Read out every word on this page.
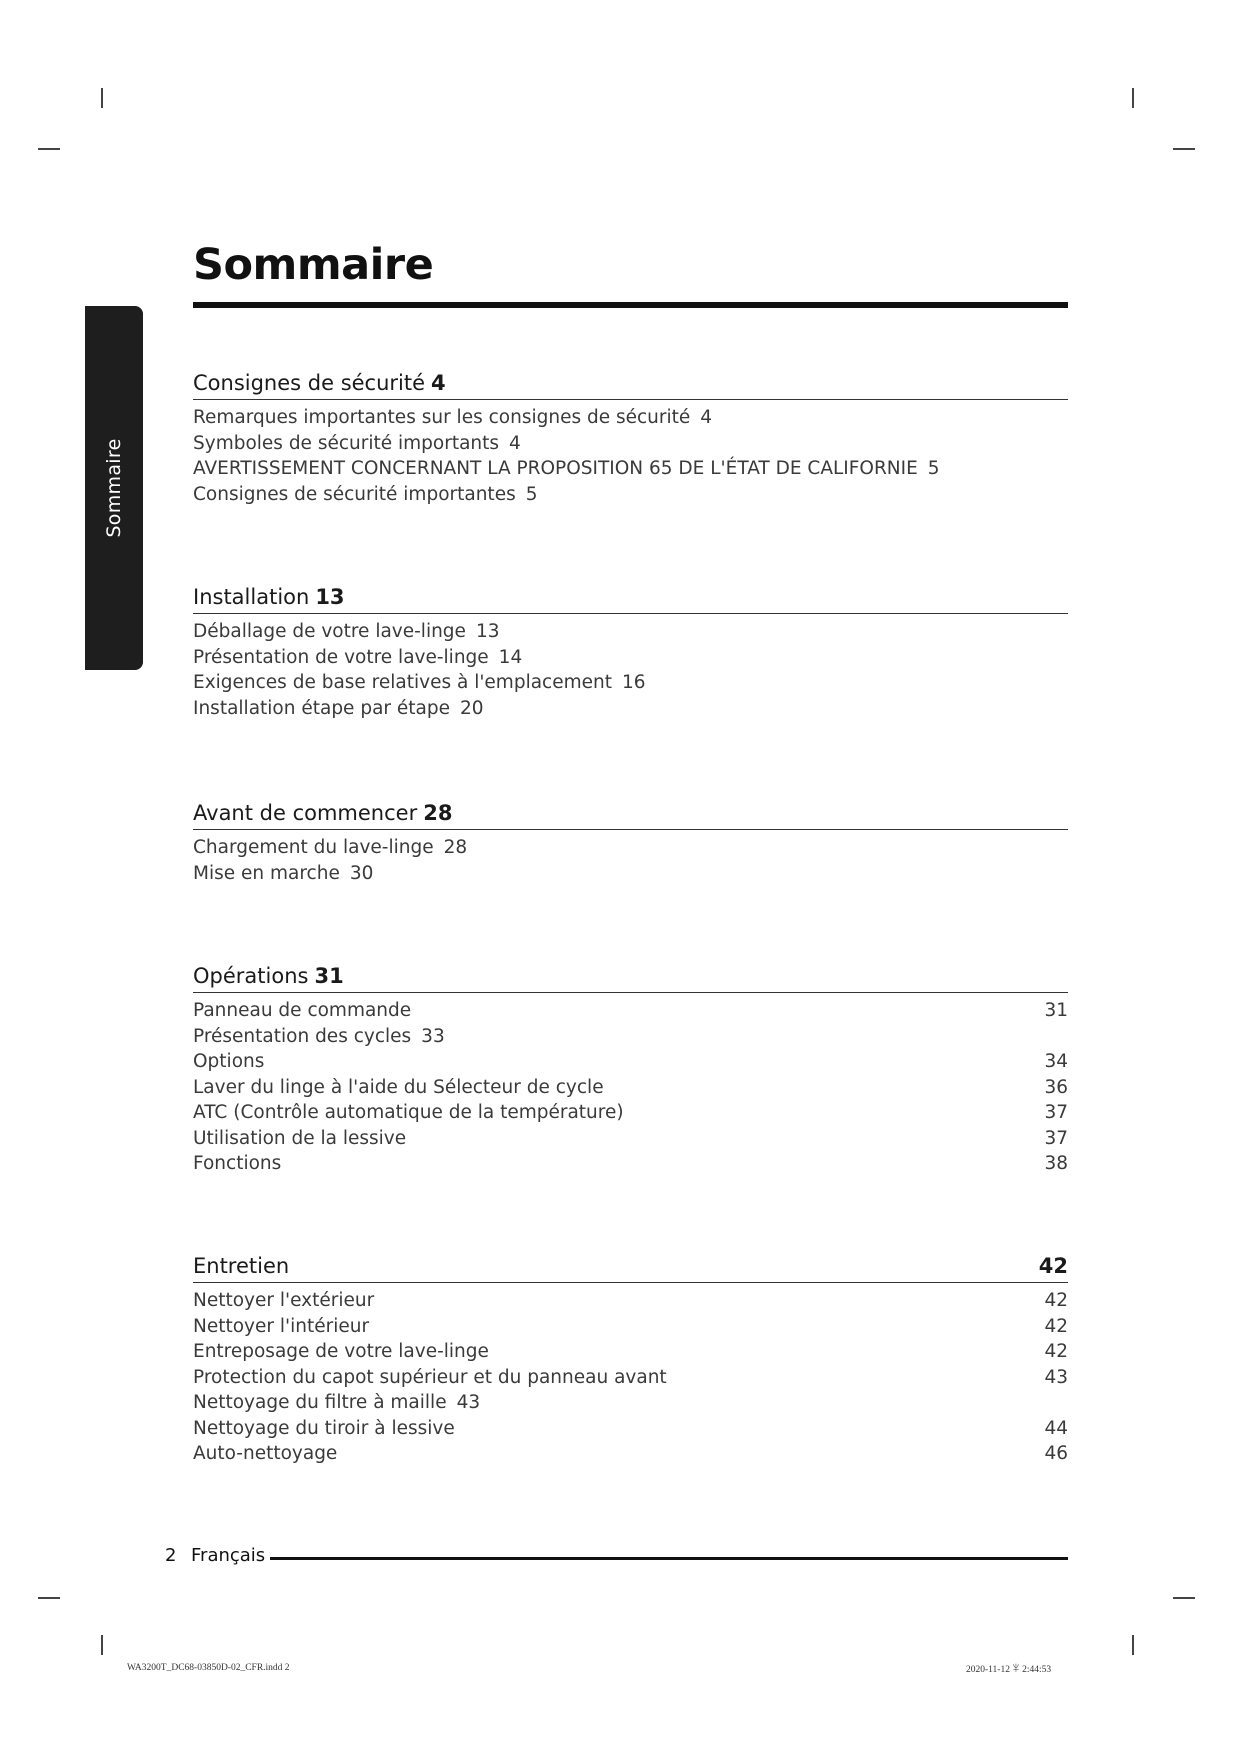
Sommaire
Sommaire
Consignes de sécurité 4
Remarques importantes sur les consignes de sécurité 4
Symboles de sécurité importants 4
AVERTISSEMENT CONCERNANT LA PROPOSITION 65 DE L'ÉTAT DE CALIFORNIE 5
Consignes de sécurité importantes 5
Installation 13
Déballage de votre lave-linge 13
Présentation de votre lave-linge 14
Exigences de base relatives à l'emplacement 16
Installation étape par étape 20
Avant de commencer 28
Chargement du lave-linge 28
Mise en marche 30
Opérations 31
Panneau de commande	31
Présentation des cycles 33
Options	34
Laver du linge à l'aide du Sélecteur de cycle	36
ATC (Contrôle automatique de la température)	37
Utilisation de la lessive	37
Fonctions	38
Entretien	42
Nettoyer l'extérieur	42
Nettoyer l'intérieur	42
Entreposage de votre lave-linge	42
Protection du capot supérieur et du panneau avant	43
Nettoyage du filtre à maille 43
Nettoyage du tiroir à lessive	44
Auto-nettoyage	46
2 Français
WA3200T_DC68-03850D-02_CFR.indd 2	2020-11-12 ꈎ 2:44:53
